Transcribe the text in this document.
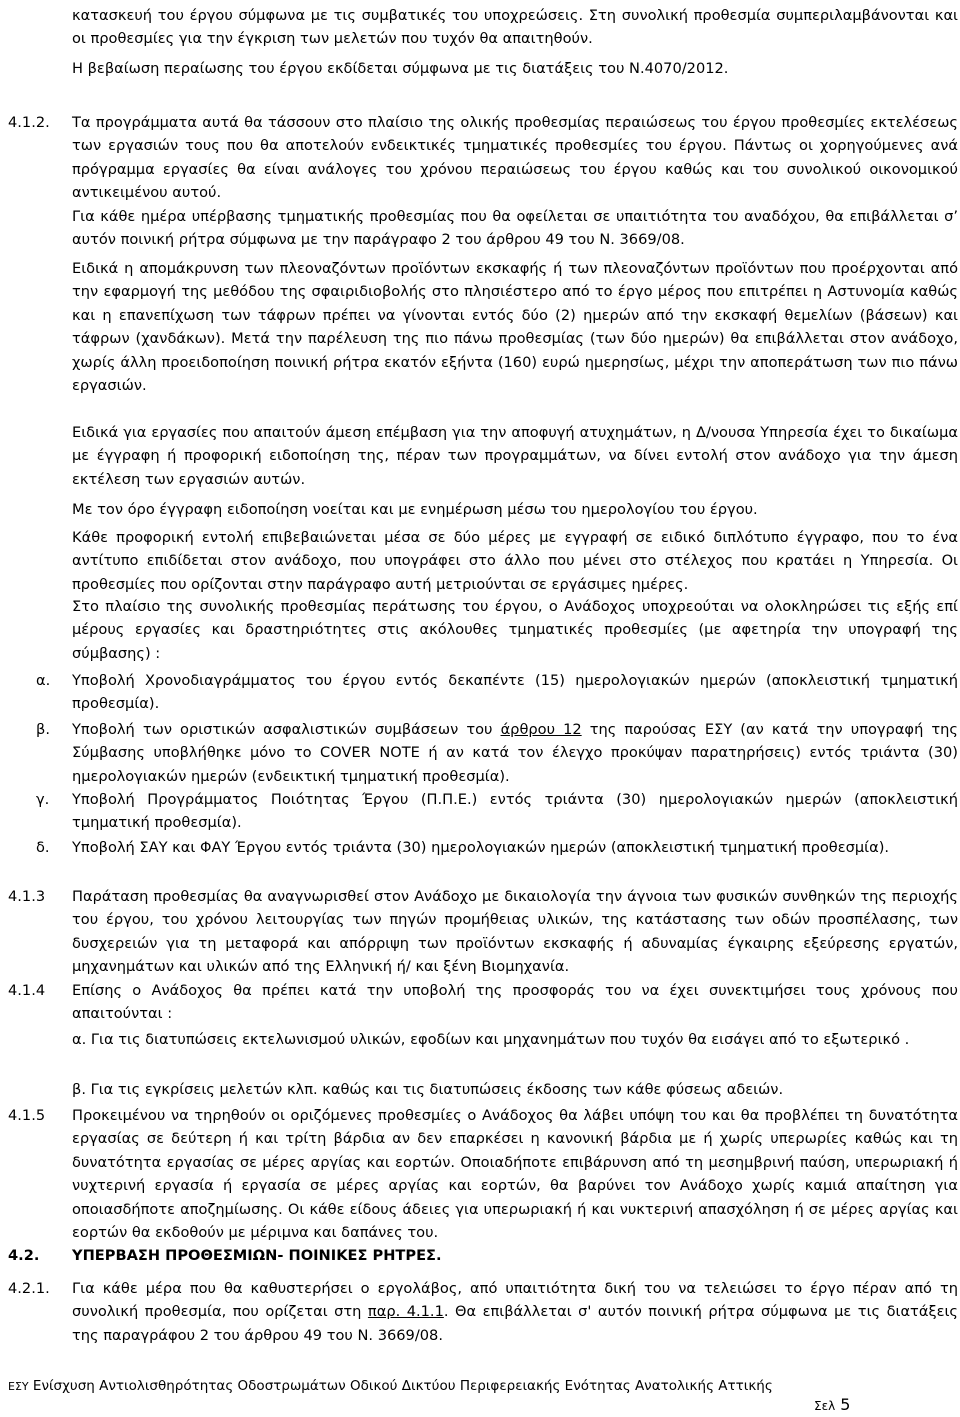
κατασκευή του έργου σύμφωνα με τις συμβατικές του υποχρεώσεις. Στη συνολική προθεσμία συμπεριλαμβάνονται και οι προθεσμίες για την έγκριση των μελετών που τυχόν θα απαιτηθούν.
Η βεβαίωση περαίωσης του έργου εκδίδεται σύμφωνα με τις διατάξεις του Ν.4070/2012.
4.1.2. Τα προγράμματα αυτά θα τάσσουν στο πλαίσιο της ολικής προθεσμίας περαιώσεως του έργου προθεσμίες εκτελέσεως των εργασιών τους που θα αποτελούν ενδεικτικές τμηματικές προθεσμίες του έργου. Πάντως οι χορηγούμενες ανά πρόγραμμα εργασίες θα είναι ανάλογες του χρόνου περαιώσεως του έργου καθώς και του συνολικού οικονομικού αντικειμένου αυτού.
Για κάθε ημέρα υπέρβασης τμηματικής προθεσμίας που θα οφείλεται σε υπαιτιότητα του αναδόχου, θα επιβάλλεται σ’ αυτόν ποινική ρήτρα σύμφωνα με την παράγραφο 2 του άρθρου 49 του Ν. 3669/08.
Ειδικά η απομάκρυνση των πλεοναζόντων προϊόντων εκσκαφής ή των πλεοναζόντων προϊόντων που προέρχονται από την εφαρμογή της μεθόδου της σφαιριδιοβολής στο πλησιέστερο από το έργο μέρος που επιτρέπει η Αστυνομία καθώς και η επανεπίχωση των τάφρων πρέπει να γίνονται εντός δύο (2) ημερών από την εκσκαφή θεμελίων (βάσεων) και τάφρων (χανδάκων). Μετά την παρέλευση της πιο πάνω προθεσμίας (των δύο ημερών) θα επιβάλλεται στον ανάδοχο, χωρίς άλλη προειδοποίηση ποινική ρήτρα εκατόν εξήντα (160) ευρώ ημερησίως, μέχρι την αποπεράτωση των πιο πάνω εργασιών.
Ειδικά για εργασίες που απαιτούν άμεση επέμβαση για την αποφυγή ατυχημάτων, η Δ/νουσα Υπηρεσία έχει το δικαίωμα με έγγραφη ή προφορική ειδοποίηση της, πέραν των προγραμμάτων, να δίνει εντολή στον ανάδοχο για την άμεση εκτέλεση των εργασιών αυτών.
Με τον όρο έγγραφη ειδοποίηση νοείται και με ενημέρωση μέσω του ημερολογίου του έργου.
Κάθε προφορική εντολή επιβεβαιώνεται μέσα σε δύο μέρες με εγγραφή σε ειδικό διπλότυπο έγγραφο, που το ένα αντίτυπο επιδίδεται στον ανάδοχο, που υπογράφει στο άλλο που μένει στο στέλεχος που κρατάει η Υπηρεσία. Οι προθεσμίες που ορίζονται στην παράγραφο αυτή μετριούνται σε εργάσιμες ημέρες.
Στο πλαίσιο της συνολικής προθεσμίας περάτωσης του έργου, ο Ανάδοχος υποχρεούται να ολοκληρώσει τις εξής επί μέρους εργασίες και δραστηριότητες στις ακόλουθες τμηματικές προθεσμίες (με αφετηρία την υπογραφή της σύμβασης) :
α. Υποβολή Χρονοδιαγράμματος του έργου εντός δεκαπέντε (15) ημερολογιακών ημερών (αποκλειστική τμηματική προθεσμία).
β. Υποβολή των οριστικών ασφαλιστικών συμβάσεων του άρθρου 12 της παρούσας ΕΣΥ (αν κατά την υπογραφή της Σύμβασης υποβλήθηκε μόνο το COVER NOTE ή αν κατά τον έλεγχο προκύψαν παρατηρήσεις) εντός τριάντα (30) ημερολογιακών ημερών (ενδεικτική τμηματική προθεσμία).
γ. Υποβολή Προγράμματος Ποιότητας Έργου (Π.Π.Ε.) εντός τριάντα (30) ημερολογιακών ημερών (αποκλειστική τμηματική προθεσμία).
δ. Υποβολή ΣΑΥ και ΦΑΥ Έργου εντός τριάντα (30) ημερολογιακών ημερών (αποκλειστική τμηματική προθεσμία).
4.1.3 Παράταση προθεσμίας θα αναγνωρισθεί στον Ανάδοχο με δικαιολογία την άγνοια των φυσικών συνθηκών της περιοχής του έργου, του χρόνου λειτουργίας των πηγών προμήθειας υλικών, της κατάστασης των οδών προσπέλασης, των δυσχερειών για τη μεταφορά και απόρριψη των προϊόντων εκσκαφής ή αδυναμίας έγκαιρης εξεύρεσης εργατών, μηχανημάτων και υλικών από της Ελληνική ή/ και ξένη Βιομηχανία.
4.1.4 Επίσης ο Ανάδοχος θα πρέπει κατά την υποβολή της προσφοράς του να έχει συνεκτιμήσει τους χρόνους που απαιτούνται :
α. Για τις διατυπώσεις εκτελωνισμού υλικών, εφοδίων και μηχανημάτων που τυχόν θα εισάγει από το εξωτερικό .
β. Για τις εγκρίσεις μελετών κλπ. καθώς και τις διατυπώσεις έκδοσης των κάθε φύσεως αδειών.
4.1.5 Προκειμένου να τηρηθούν οι οριζόμενες προθεσμίες ο Ανάδοχος θα λάβει υπόψη του και θα προβλέπει τη δυνατότητα εργασίας σε δεύτερη ή και τρίτη βάρδια αν δεν επαρκέσει η κανονική βάρδια με ή χωρίς υπερωρίες καθώς και τη δυνατότητα εργασίας σε μέρες αργίας και εορτών. Οποιαδήποτε επιβάρυνση από τη μεσημβρινή παύση, υπερωριακή ή νυχτερινή εργασία ή εργασία σε μέρες αργίας και εορτών, θα βαρύνει τον Ανάδοχο χωρίς καμιά απαίτηση για οποιασδήποτε αποζημίωσης. Οι κάθε είδους άδειες για υπερωριακή ή και νυκτερινή απασχόληση ή σε μέρες αργίας και εορτών θα εκδοθούν με μέριμνα και δαπάνες του.
4.2. ΥΠΕΡΒΑΣΗ ΠΡΟΘΕΣΜΙΩΝ- ΠΟΙΝΙΚΕΣ ΡΗΤΡΕΣ.
4.2.1. Για κάθε μέρα που θα καθυστερήσει ο εργολάβος, από υπαιτιότητα δική του να τελειώσει το έργο πέραν από τη συνολική προθεσμία, που ορίζεται στη παρ. 4.1.1. Θα επιβάλλεται σ' αυτόν ποινική ρήτρα σύμφωνα με τις διατάξεις της παραγράφου 2 του άρθρου 49 του Ν. 3669/08.
ΕΣΥ Ενίσχυση Αντιολισθηρότητας Οδοστρωμάτων Οδικού Δικτύου Περιφερειακής Ενότητας Ανατολικής Αττικής
Σελ 5
